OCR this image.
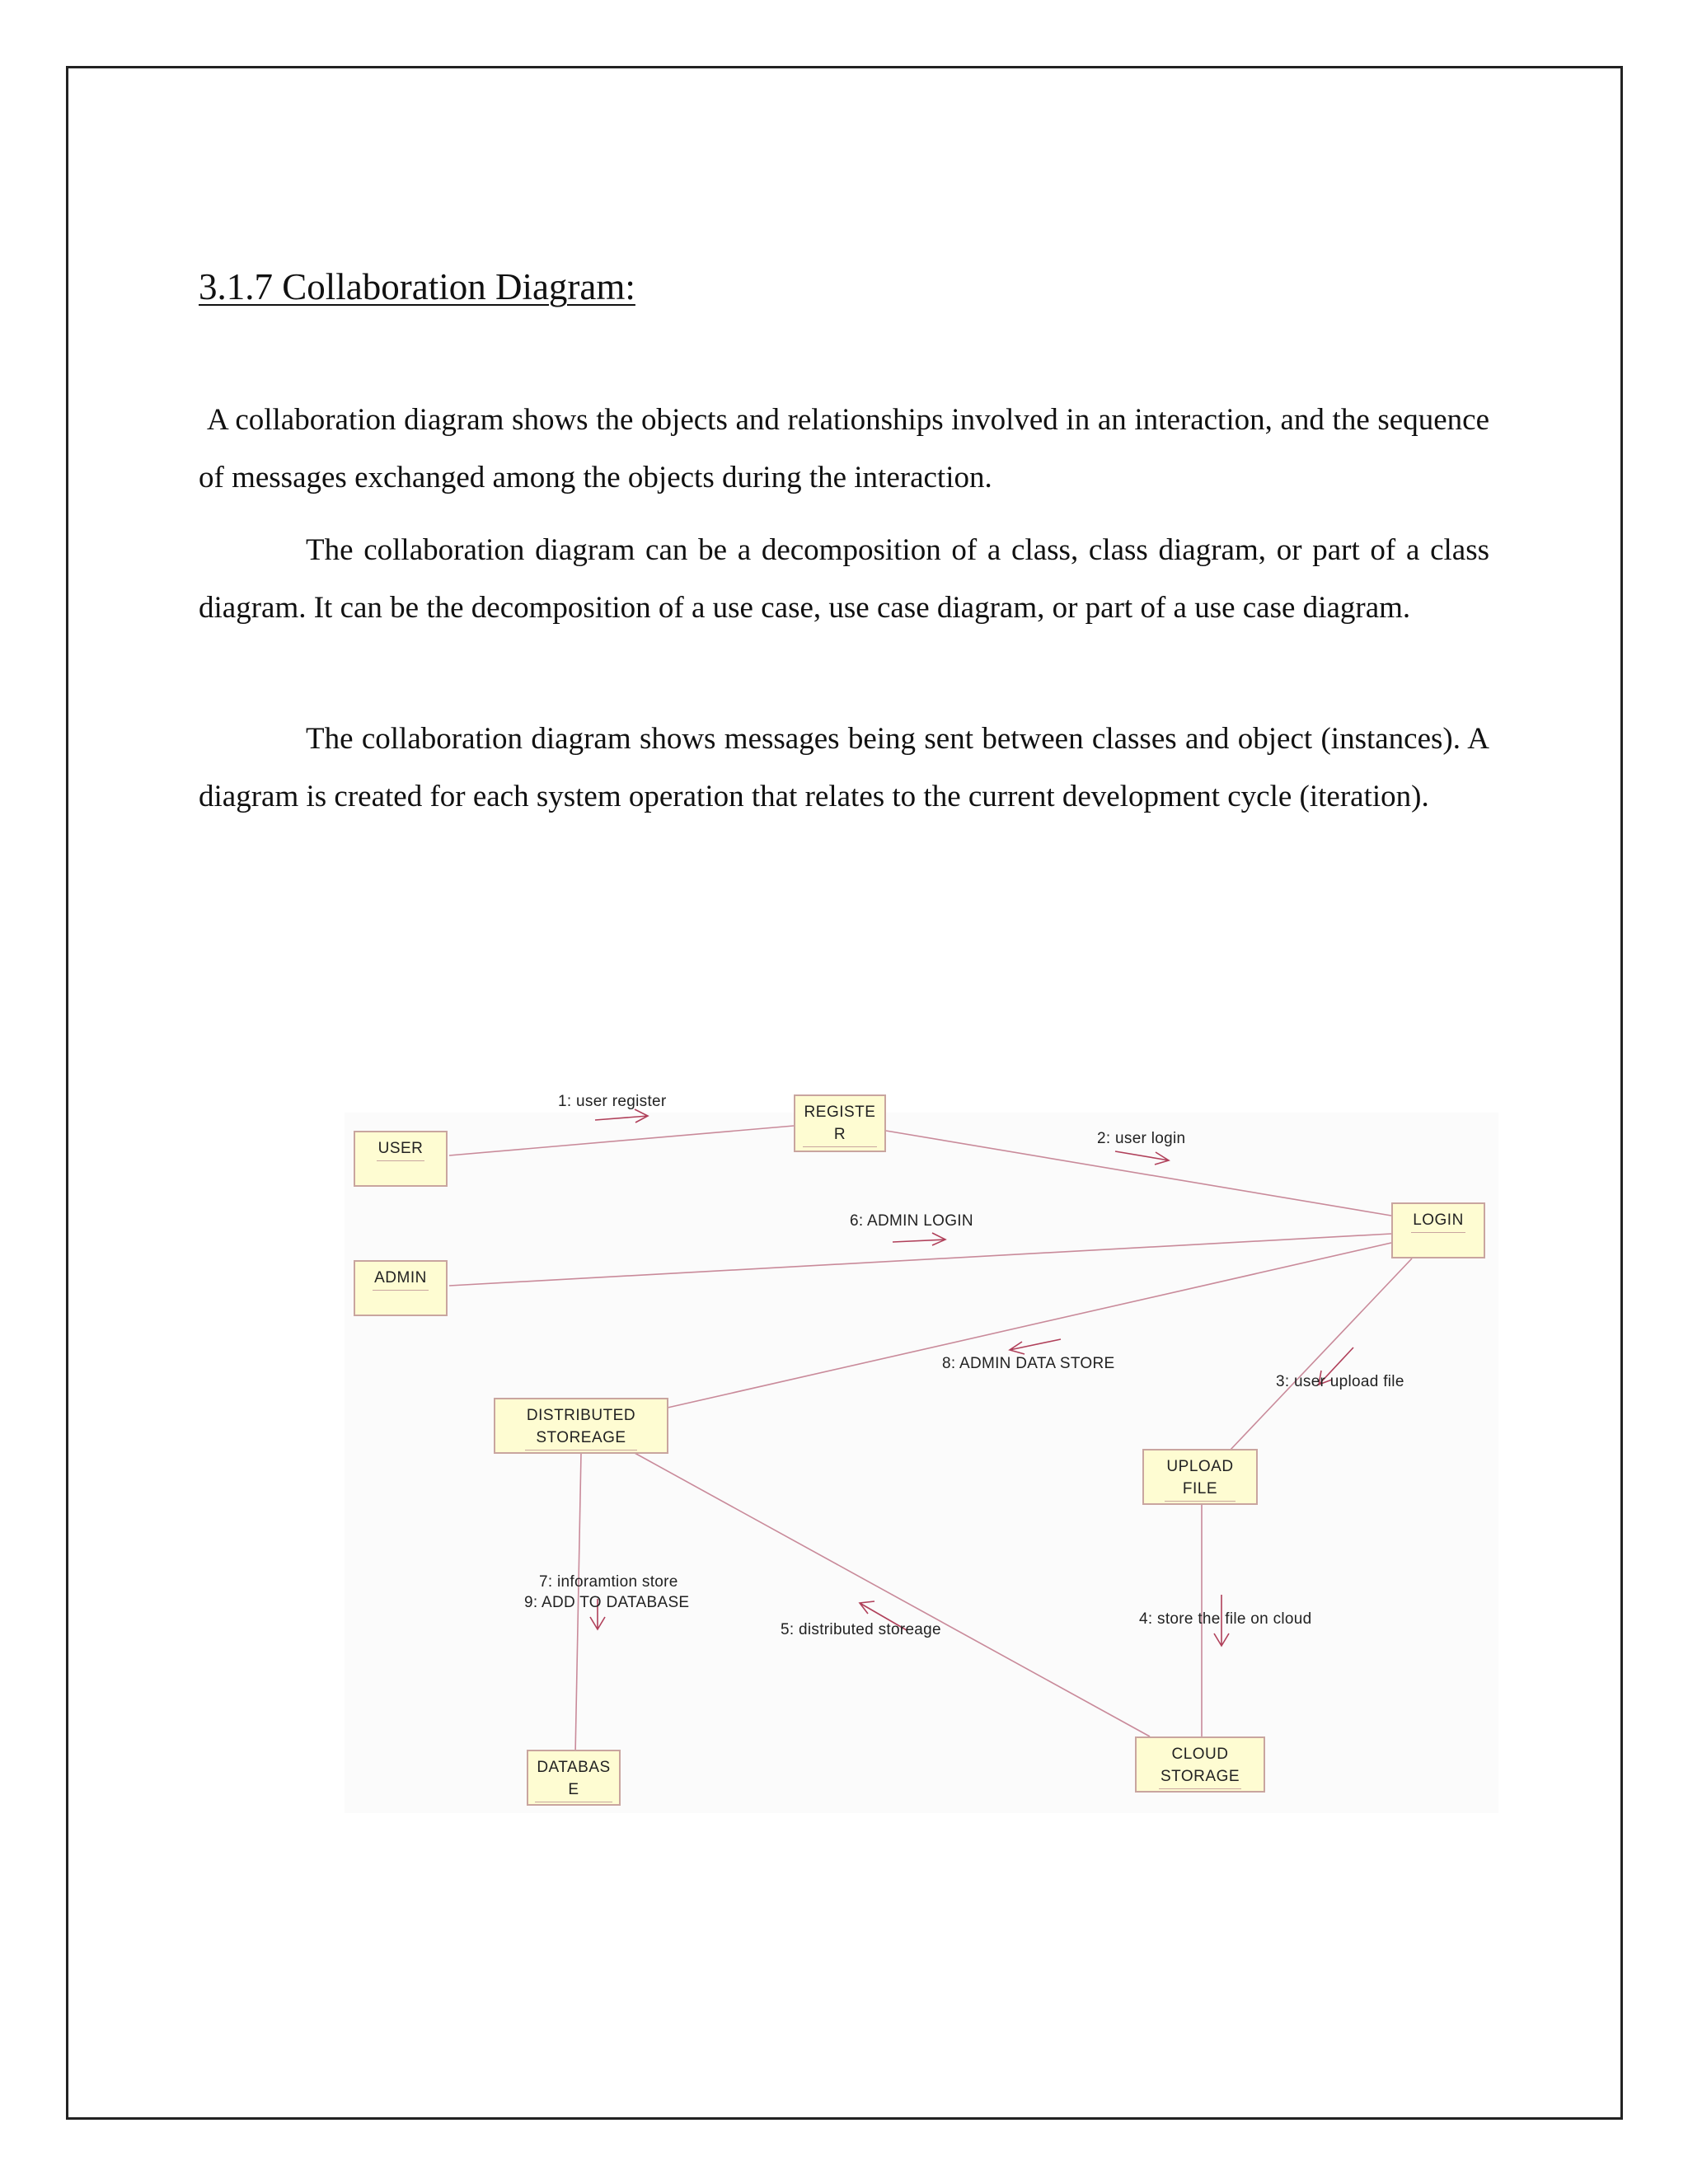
3.1.7 Collaboration Diagram:

A collaboration diagram shows the objects and relationships involved in an interaction, and the sequence of messages exchanged among the objects during the interaction.

The collaboration diagram can be a decomposition of a class, class diagram, or part of a class diagram. It can be the decomposition of a use case, use case diagram, or part of a use case diagram.

The collaboration diagram shows messages being sent between classes and object (instances). A diagram is created for each system operation that relates to the current development cycle (iteration).

USER
REGISTE
R
LOGIN
ADMIN
DISTRIBUTED
STOREAGE
UPLOAD
FILE
DATABAS
E
CLOUD
STORAGE
1: user register
2: user login
6: ADMIN LOGIN
8: ADMIN DATA STORE
3: user upload file
7: inforamtion store
9: ADD TO DATABASE
5: distributed storeage
4: store the file on cloud
